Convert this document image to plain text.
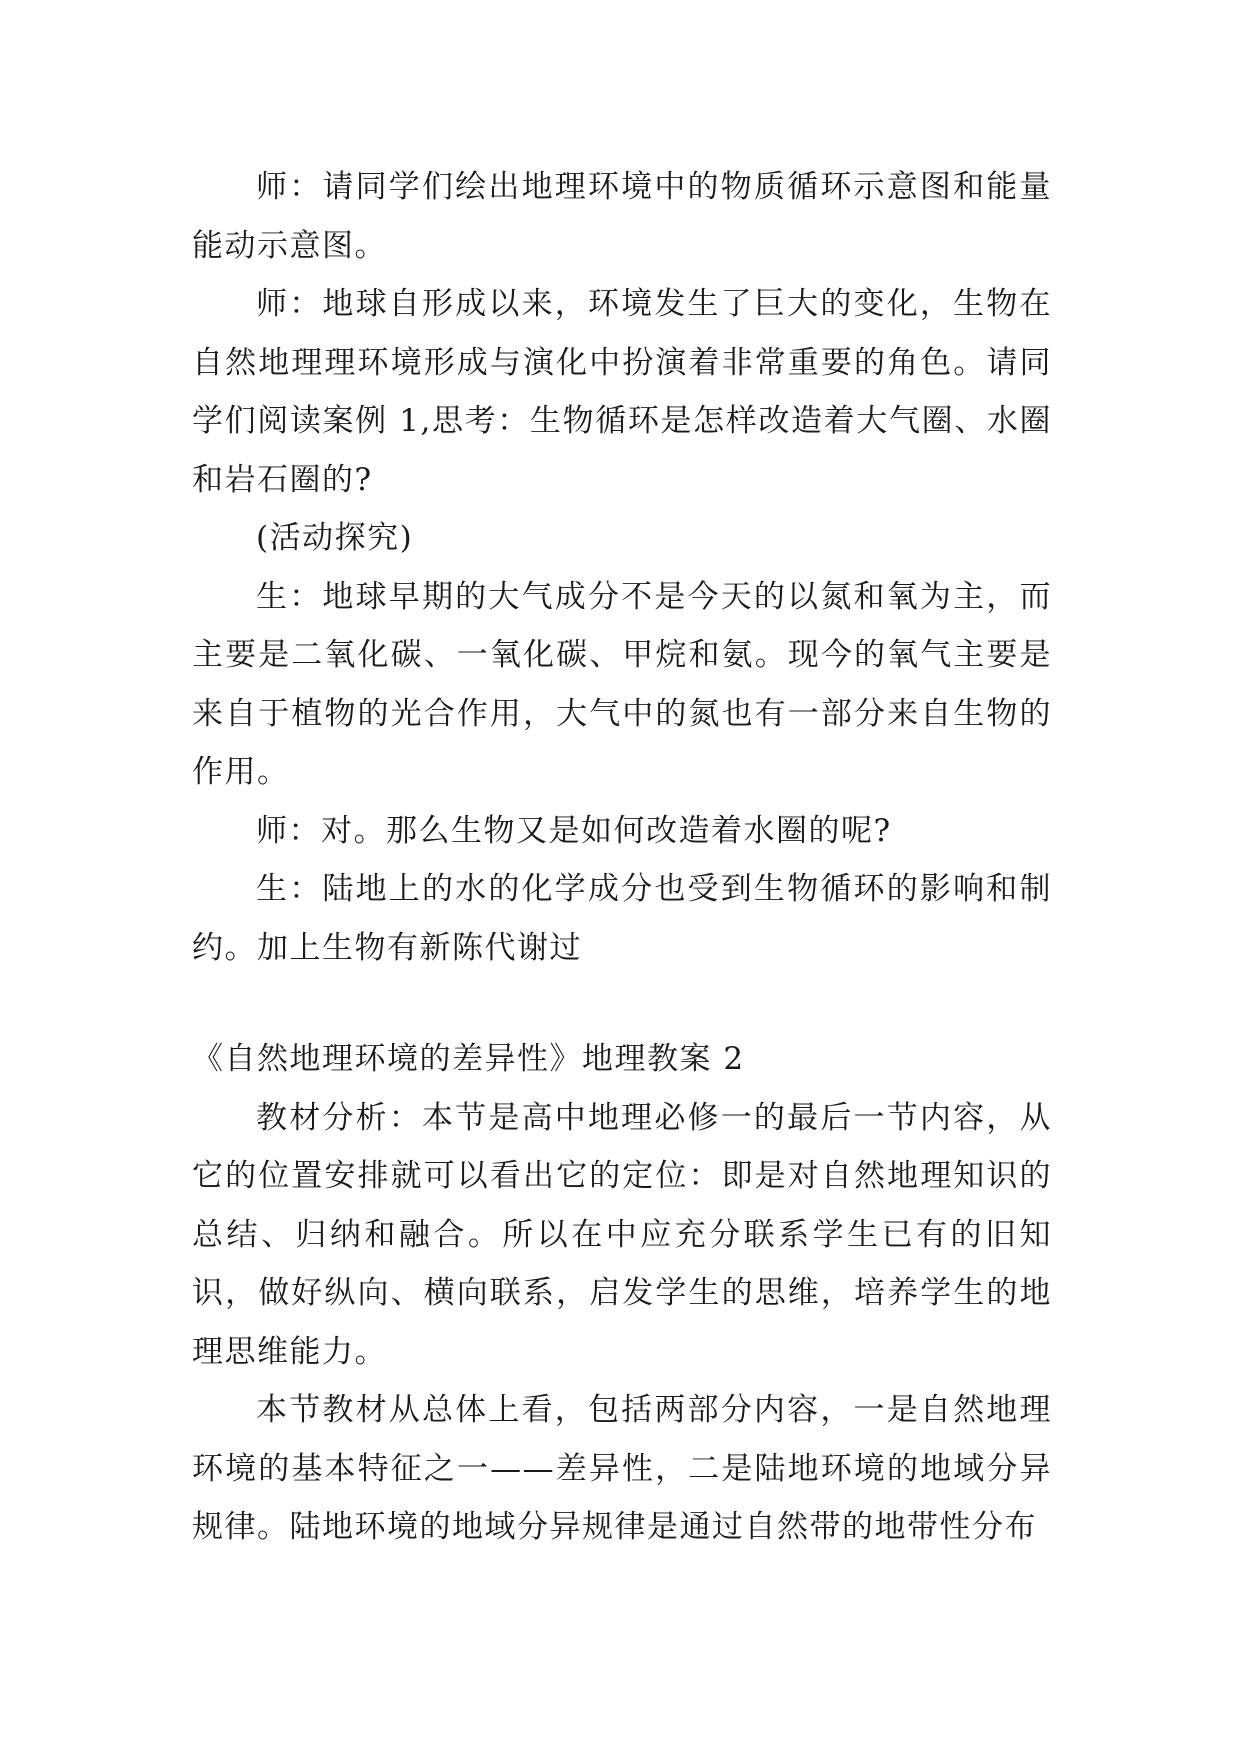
师：请同学们绘出地理环境中的物质循环示意图和能量能动示意图。

师：地球自形成以来，环境发生了巨大的变化，生物在自然地理理环境形成与演化中扮演着非常重要的角色。请同学们阅读案例 1,思考：生物循环是怎样改造着大气圈、水圈和岩石圈的?

(活动探究)

生：地球早期的大气成分不是今天的以氮和氧为主，而主要是二氧化碳、一氧化碳、甲烷和氨。现今的氧气主要是来自于植物的光合作用，大气中的氮也有一部分来自生物的作用。

师：对。那么生物又是如何改造着水圈的呢?

生：陆地上的水的化学成分也受到生物循环的影响和制约。加上生物有新陈代谢过

《自然地理环境的差异性》地理教案 2

教材分析：本节是高中地理必修一的最后一节内容，从它的位置安排就可以看出它的定位：即是对自然地理知识的总结、归纳和融合。所以在中应充分联系学生已有的旧知识，做好纵向、横向联系，启发学生的思维，培养学生的地理思维能力。

本节教材从总体上看，包括两部分内容，一是自然地理环境的基本特征之一——差异性，二是陆地环境的地域分异规律。陆地环境的地域分异规律是通过自然带的地带性分布
